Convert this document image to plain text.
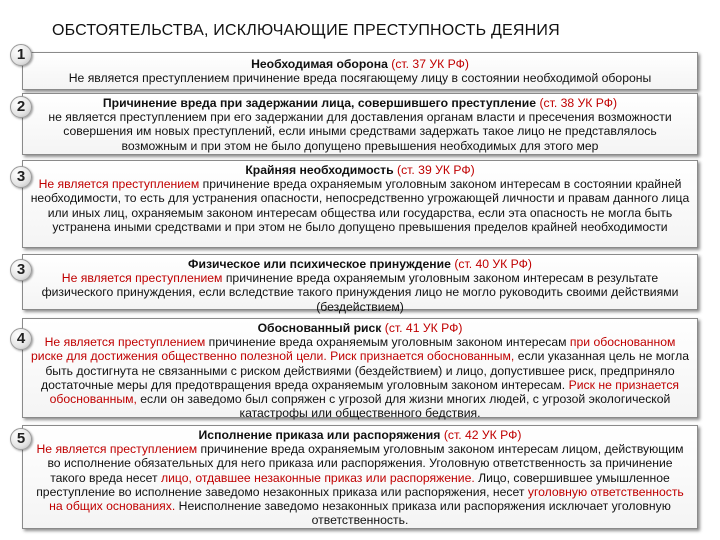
ОБСТОЯТЕЛЬСТВА, ИСКЛЮЧАЮЩИЕ ПРЕСТУПНОСТЬ ДЕЯНИЯ
Необходимая оборона (ст. 37 УК РФ)
Не является преступлением причинение вреда посягающему лицу в состоянии необходимой обороны
1
Причинение вреда при задержании лица, совершившего преступление (ст. 38 УК РФ)
не является преступлением при его задержании для доставления органам власти и пресечения возможности совершения им новых преступлений, если иными средствами задержать такое лицо не представлялось возможным и при этом не было допущено превышения необходимых для этого мер
2
Крайняя необходимость (ст. 39 УК РФ)
Не является преступлением причинение вреда охраняемым уголовным законом интересам в состоянии крайней необходимости, то есть для устранения опасности, непосредственно угрожающей личности и правам данного лица или иных лиц, охраняемым законом интересам общества или государства, если эта опасность не могла быть устранена иными средствами и при этом не было допущено превышения пределов крайней необходимости
3
Физическое или психическое принуждение (ст. 40 УК РФ)
Не является преступлением причинение вреда охраняемым уголовным законом интересам в результате физического принуждения, если вследствие такого принуждения лицо не могло руководить своими действиями (бездействием)
3
Обоснованный риск (ст. 41 УК РФ)
Не является преступлением причинение вреда охраняемым уголовным законом интересам при обоснованном риске для достижения общественно полезной цели. Риск признается обоснованным, если указанная цель не могла быть достигнута не связанными с риском действиями (бездействием) и лицо, допустившее риск, предприняло достаточные меры для предотвращения вреда охраняемым уголовным законом интересам. Риск не признается обоснованным, если он заведомо был сопряжен с угрозой для жизни многих людей, с угрозой экологической катастрофы или общественного бедствия.
4
Исполнение приказа или распоряжения (ст. 42 УК РФ)
Не является преступлением причинение вреда охраняемым уголовным законом интересам лицом, действующим во исполнение обязательных для него приказа или распоряжения. Уголовную ответственность за причинение такого вреда несет лицо, отдавшее незаконные приказ или распоряжение. Лицо, совершившее умышленное преступление во исполнение заведомо незаконных приказа или распоряжения, несет уголовную ответственность на общих основаниях. Неисполнение заведомо незаконных приказа или распоряжения исключает уголовную ответственность.
5
